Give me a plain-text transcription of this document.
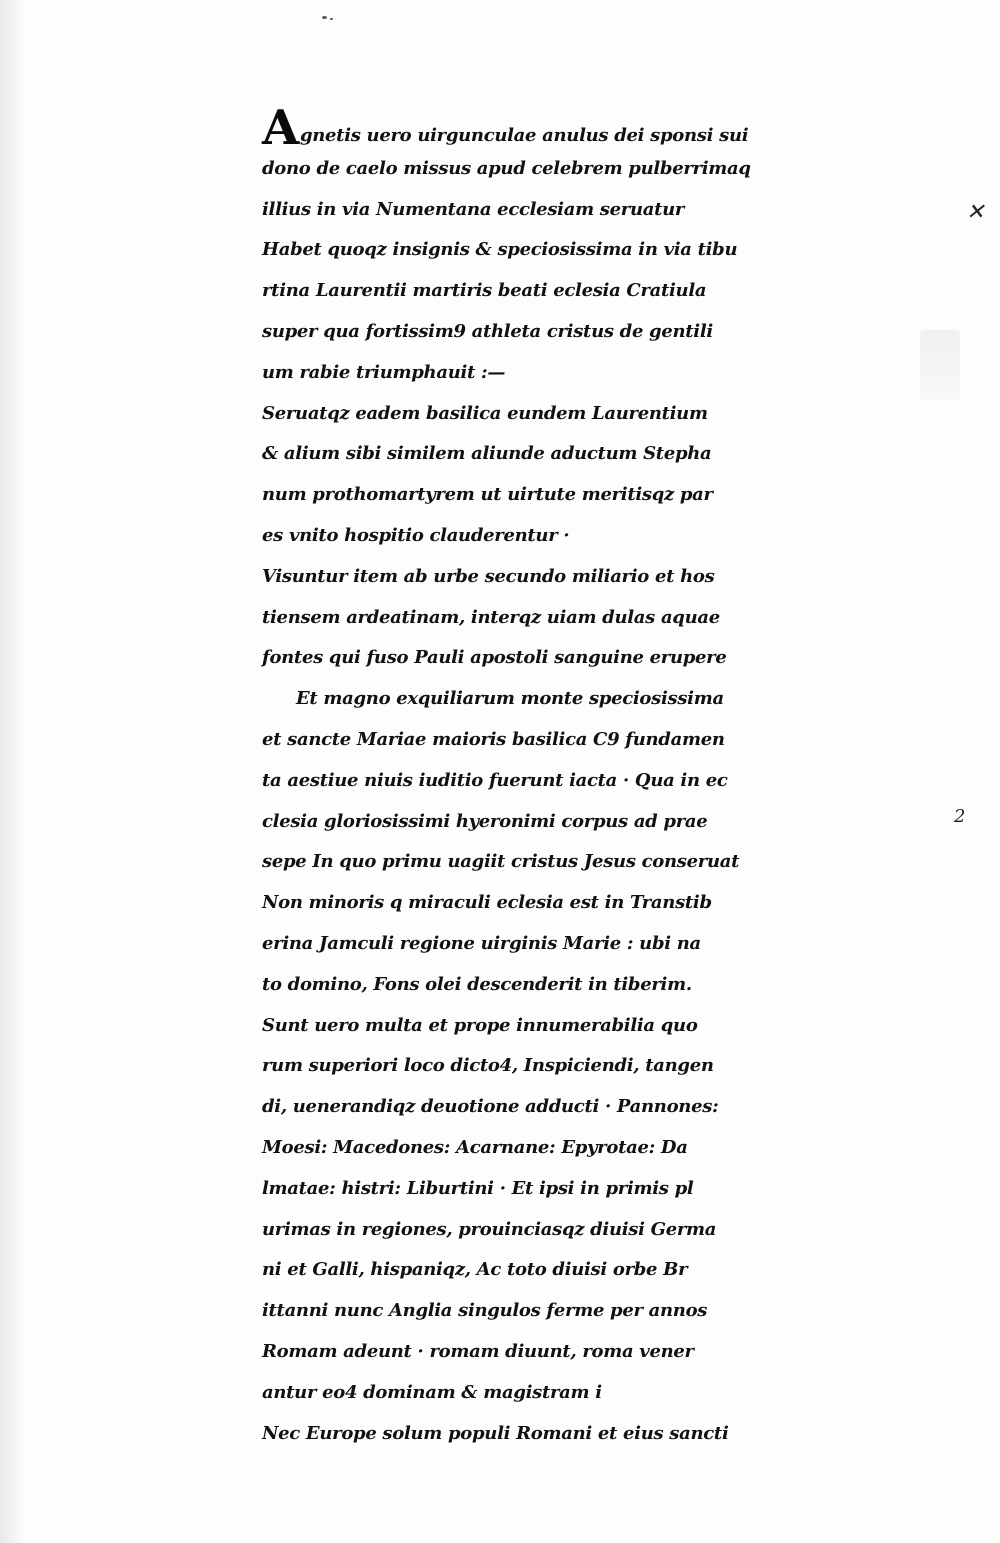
Agnetis uero uirgunculae anulus dei sponsi sui
dono de caelo missus apud celebrem pulberrimaq
illius in via Numentana ecclesiam seruatur
Habet quoqz insignis & speciosissima in via tibu
rtina Laurentii martiris beati eclesia Cratiula
super qua fortissim9 athleta cristus de gentili
um rabie triumphauit :—
Seruatqz eadem basilica eundem Laurentium
& alium sibi similem aliunde aductum Stepha
num prothomartyrem ut uirtute meritisqz par
es vnito hospitio clauderentur ·
Visuntur item ab urbe secundo miliario et hos
tiensem ardeatinam, interqz uiam dulas aquae
fontes qui fuso Pauli apostoli sanguine erupere
Et magno exquiliarum monte speciosissima
et sancte Mariae maioris basilica C9 fundamen
ta aestiue niuis iuditio fuerunt iacta · Qua in ec
clesia gloriosissimi hyeronimi corpus ad prae
sepe In quo primu uagiit cristus Jesus conseruat
Non minoris q miraculi eclesia est in Transtib
erina Jamculi regione uirginis Marie : ubi na
to domino, Fons olei descenderit in tiberim.
Sunt uero multa et prope innumerabilia quo
rum superiori loco dicto4, Inspiciendi, tangen
di, uenerandiqz deuotione adducti · Pannones:
Moesi: Macedones: Acarnane: Epyrotae: Da
lmatae: histri: Liburtini · Et ipsi in primis pl
urimas in regiones, prouinciasqz diuisi Germa
ni et Galli, hispaniqz, Ac toto diuisi orbe Br
ittanni nunc Anglia singulos ferme per annos
Romam adeunt · romam diuunt, roma vener
antur eo4 dominam & magistram i
Nec Europe solum populi Romani et eius sancti
✕
2
